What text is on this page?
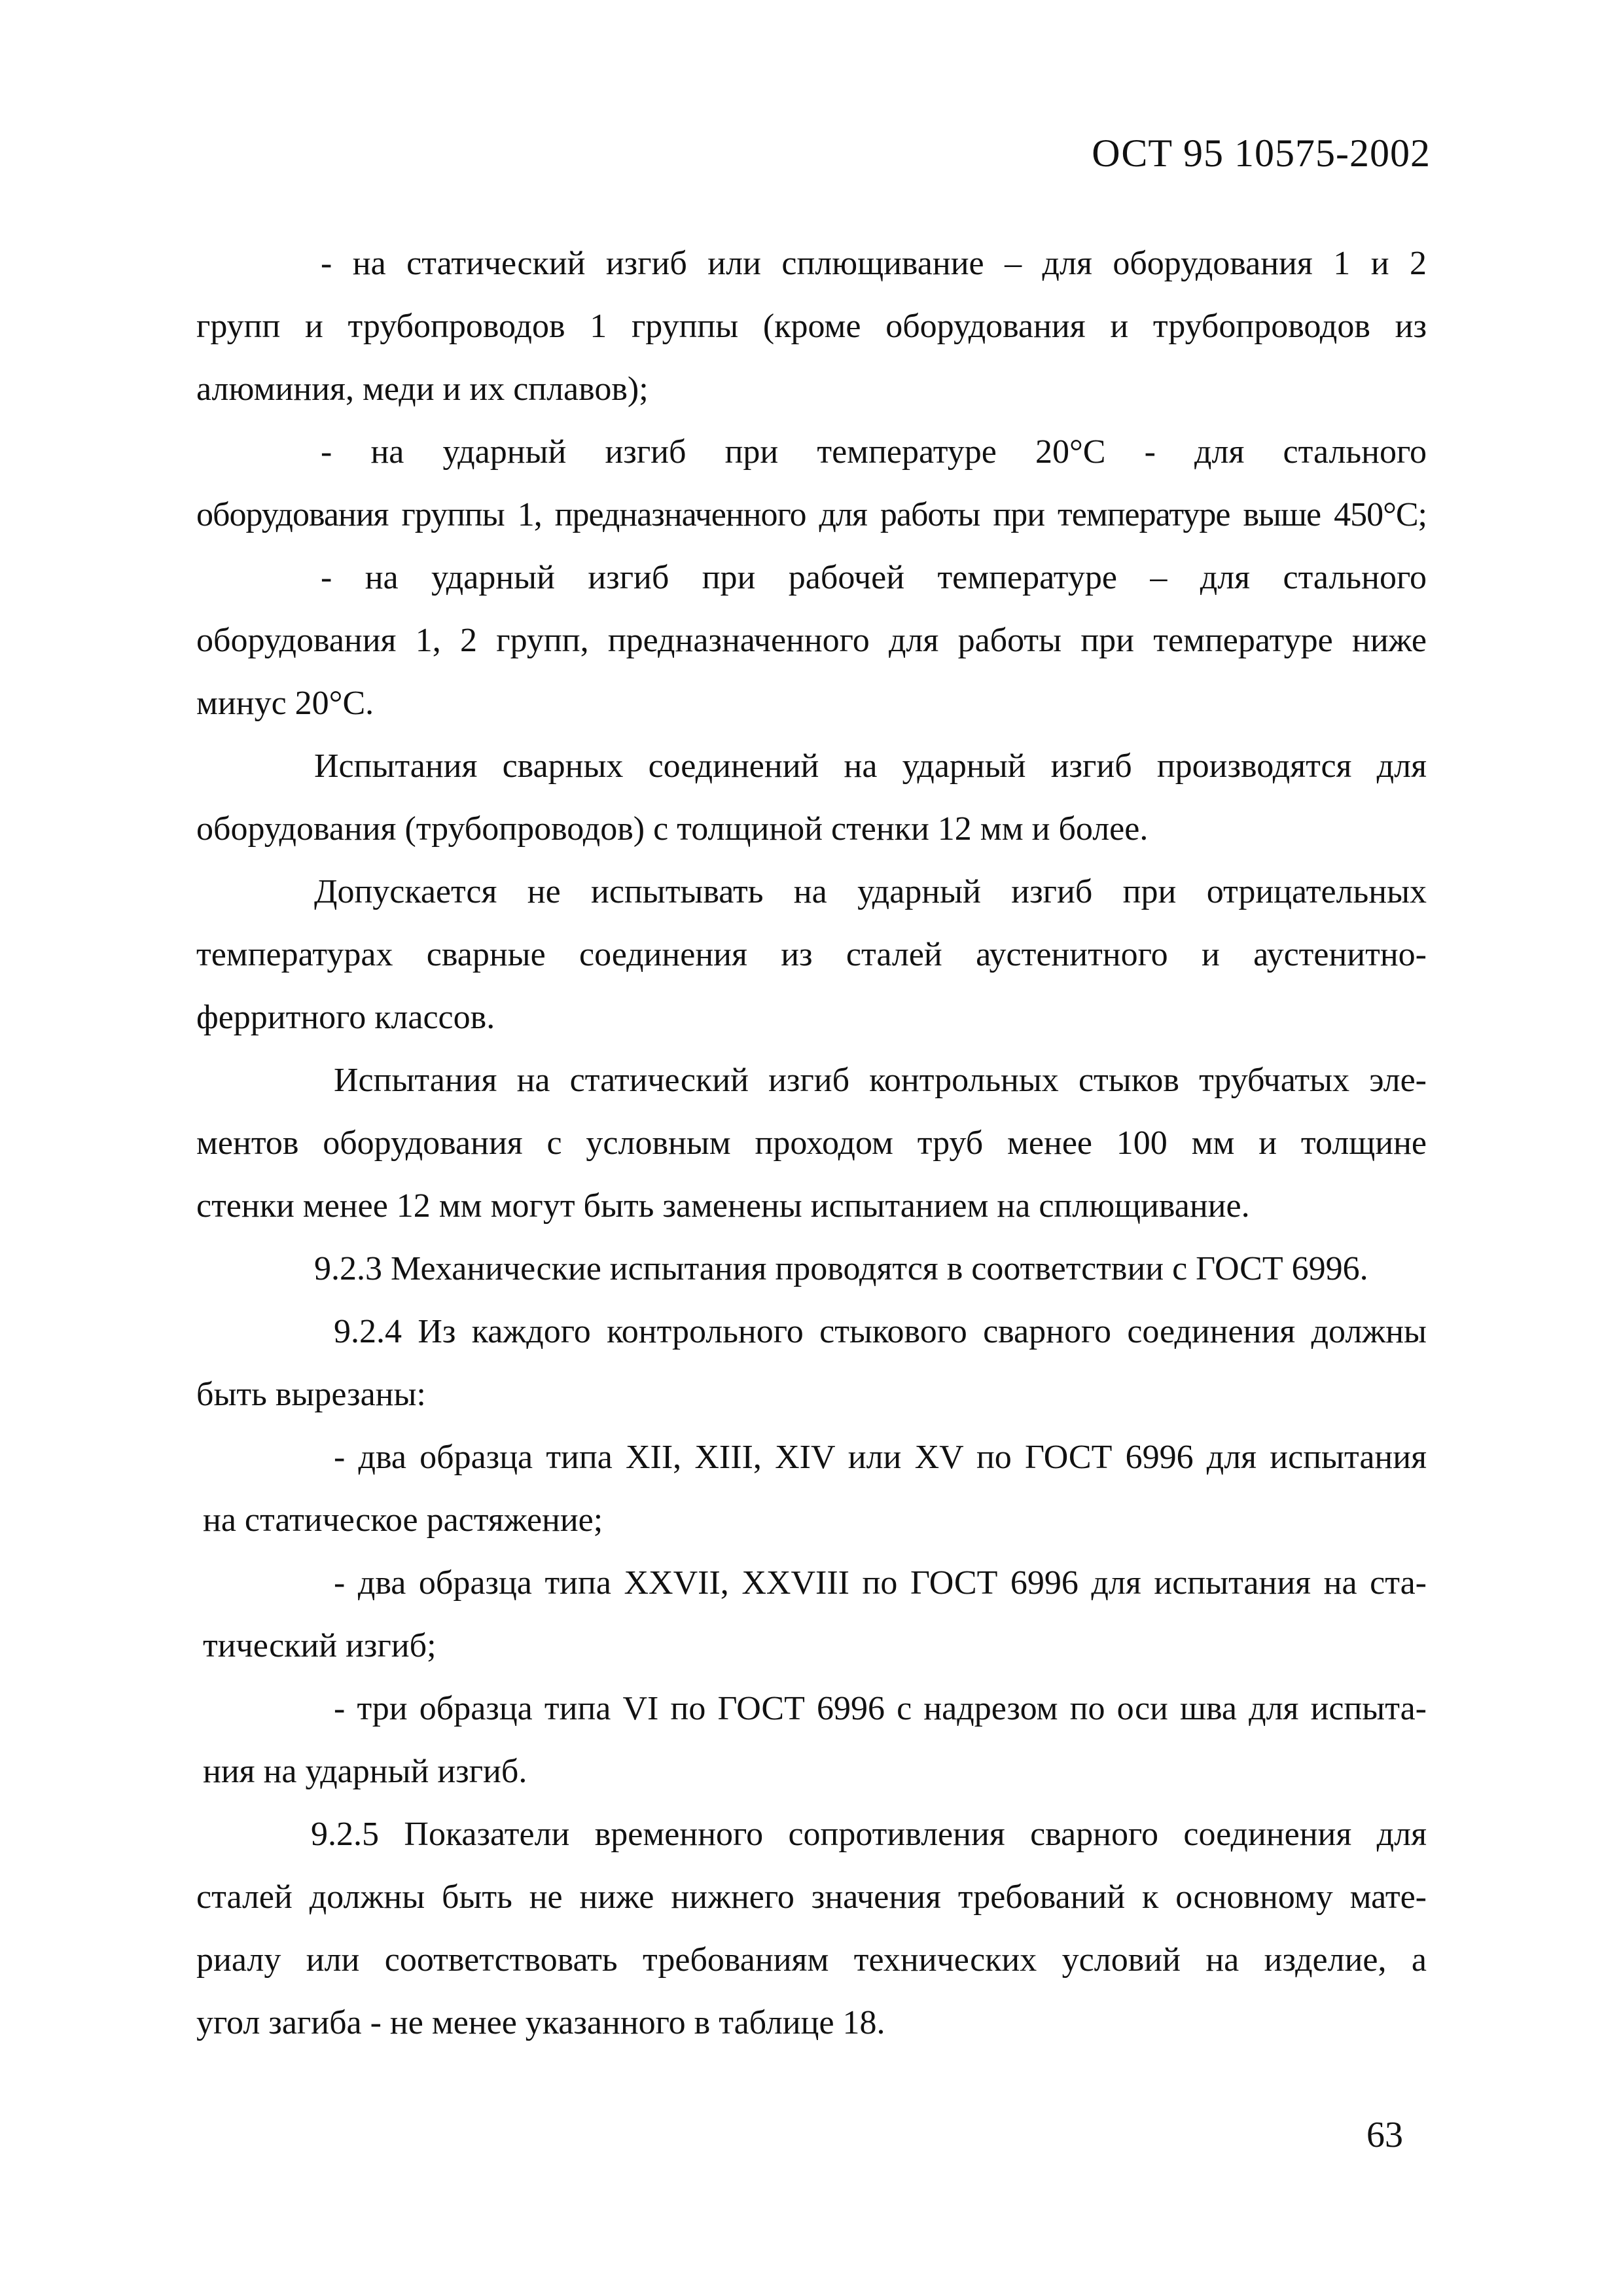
ОСТ 95 10575-2002
- на статический изгиб или сплющивание – для оборудования 1 и 2
групп и трубопроводов 1 группы (кроме оборудования и трубопроводов из
алюминия, меди и их сплавов);
- на ударный изгиб при температуре 20°С - для стального
оборудования группы 1, предназначенного для работы при температуре выше 450°С;
- на ударный изгиб при рабочей температуре – для стального
оборудования 1, 2 групп, предназначенного для работы при температуре ниже
минус 20°С.
Испытания сварных соединений на ударный изгиб производятся для
оборудования (трубопроводов) с толщиной стенки 12 мм и более.
Допускается не испытывать на ударный изгиб при отрицательных
температурах сварные соединения из сталей аустенитного и аустенитно-
ферритного классов.
Испытания на статический изгиб контрольных стыков трубчатых эле-
ментов оборудования с условным проходом труб менее 100 мм и толщине
стенки менее 12 мм могут быть заменены испытанием на сплющивание.
9.2.3 Механические испытания проводятся в соответствии с ГОСТ 6996.
9.2.4 Из каждого контрольного стыкового сварного соединения должны
быть вырезаны:
- два образца типа XII, XIII, XIV или XV по ГОСТ 6996 для испытания
на статическое растяжение;
- два образца типа XXVII, XXVIII по ГОСТ 6996 для испытания на ста-
тический изгиб;
- три образца типа VI по ГОСТ 6996 с надрезом по оси шва для испыта-
ния на ударный изгиб.
9.2.5 Показатели временного сопротивления сварного соединения для
сталей должны быть не ниже нижнего значения требований к основному мате-
риалу или соответствовать требованиям технических условий на изделие, а
угол загиба - не менее указанного в таблице 18.
63
